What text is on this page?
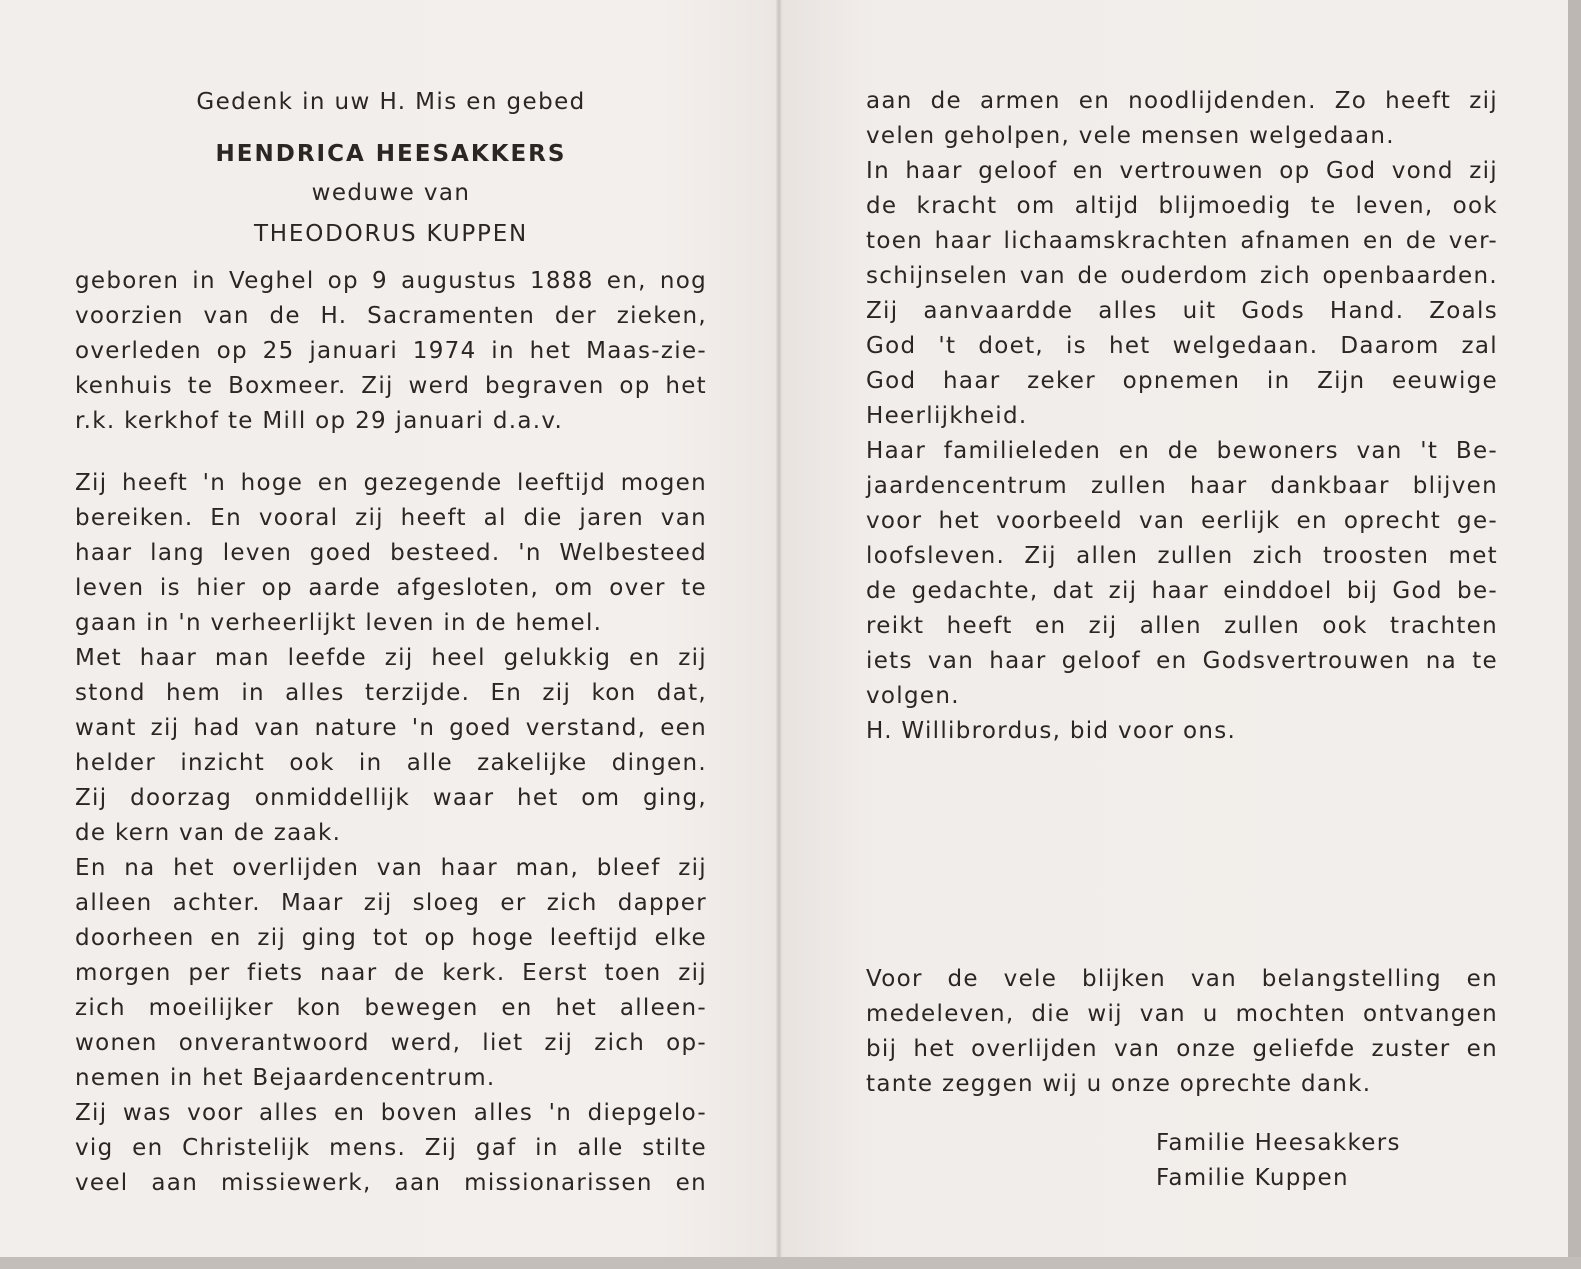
Gedenk in uw H. Mis en gebed
HENDRICA HEESAKKERS
weduwe van
THEODORUS KUPPEN
geboren in Veghel op 9 augustus 1888 en, nog
voorzien van de H. Sacramenten der zieken,
overleden op 25 januari 1974 in het Maas-zie-
kenhuis te Boxmeer. Zij werd begraven op het
r.k. kerkhof te Mill op 29 januari d.a.v.
Zij heeft 'n hoge en gezegende leeftijd mogen
bereiken. En vooral zij heeft al die jaren van
haar lang leven goed besteed. 'n Welbesteed
leven is hier op aarde afgesloten, om over te
gaan in 'n verheerlijkt leven in de hemel.
Met haar man leefde zij heel gelukkig en zij
stond hem in alles terzijde. En zij kon dat,
want zij had van nature 'n goed verstand, een
helder inzicht ook in alle zakelijke dingen.
Zij doorzag onmiddellijk waar het om ging,
de kern van de zaak.
En na het overlijden van haar man, bleef zij
alleen achter. Maar zij sloeg er zich dapper
doorheen en zij ging tot op hoge leeftijd elke
morgen per fiets naar de kerk. Eerst toen zij
zich moeilijker kon bewegen en het alleen-
wonen onverantwoord werd, liet zij zich op-
nemen in het Bejaardencentrum.
Zij was voor alles en boven alles 'n diepgelo-
vig en Christelijk mens. Zij gaf in alle stilte
veel aan missiewerk, aan missionarissen en
aan de armen en noodlijdenden. Zo heeft zij
velen geholpen, vele mensen welgedaan.
In haar geloof en vertrouwen op God vond zij
de kracht om altijd blijmoedig te leven, ook
toen haar lichaamskrachten afnamen en de ver-
schijnselen van de ouderdom zich openbaarden.
Zij aanvaardde alles uit Gods Hand. Zoals
God 't doet, is het welgedaan. Daarom zal
God haar zeker opnemen in Zijn eeuwige
Heerlijkheid.
Haar familieleden en de bewoners van 't Be-
jaardencentrum zullen haar dankbaar blijven
voor het voorbeeld van eerlijk en oprecht ge-
loofsleven. Zij allen zullen zich troosten met
de gedachte, dat zij haar einddoel bij God be-
reikt heeft en zij allen zullen ook trachten
iets van haar geloof en Godsvertrouwen na te
volgen.
H. Willibrordus, bid voor ons.
Voor de vele blijken van belangstelling en
medeleven, die wij van u mochten ontvangen
bij het overlijden van onze geliefde zuster en
tante zeggen wij u onze oprechte dank.
Familie Heesakkers
Familie Kuppen
